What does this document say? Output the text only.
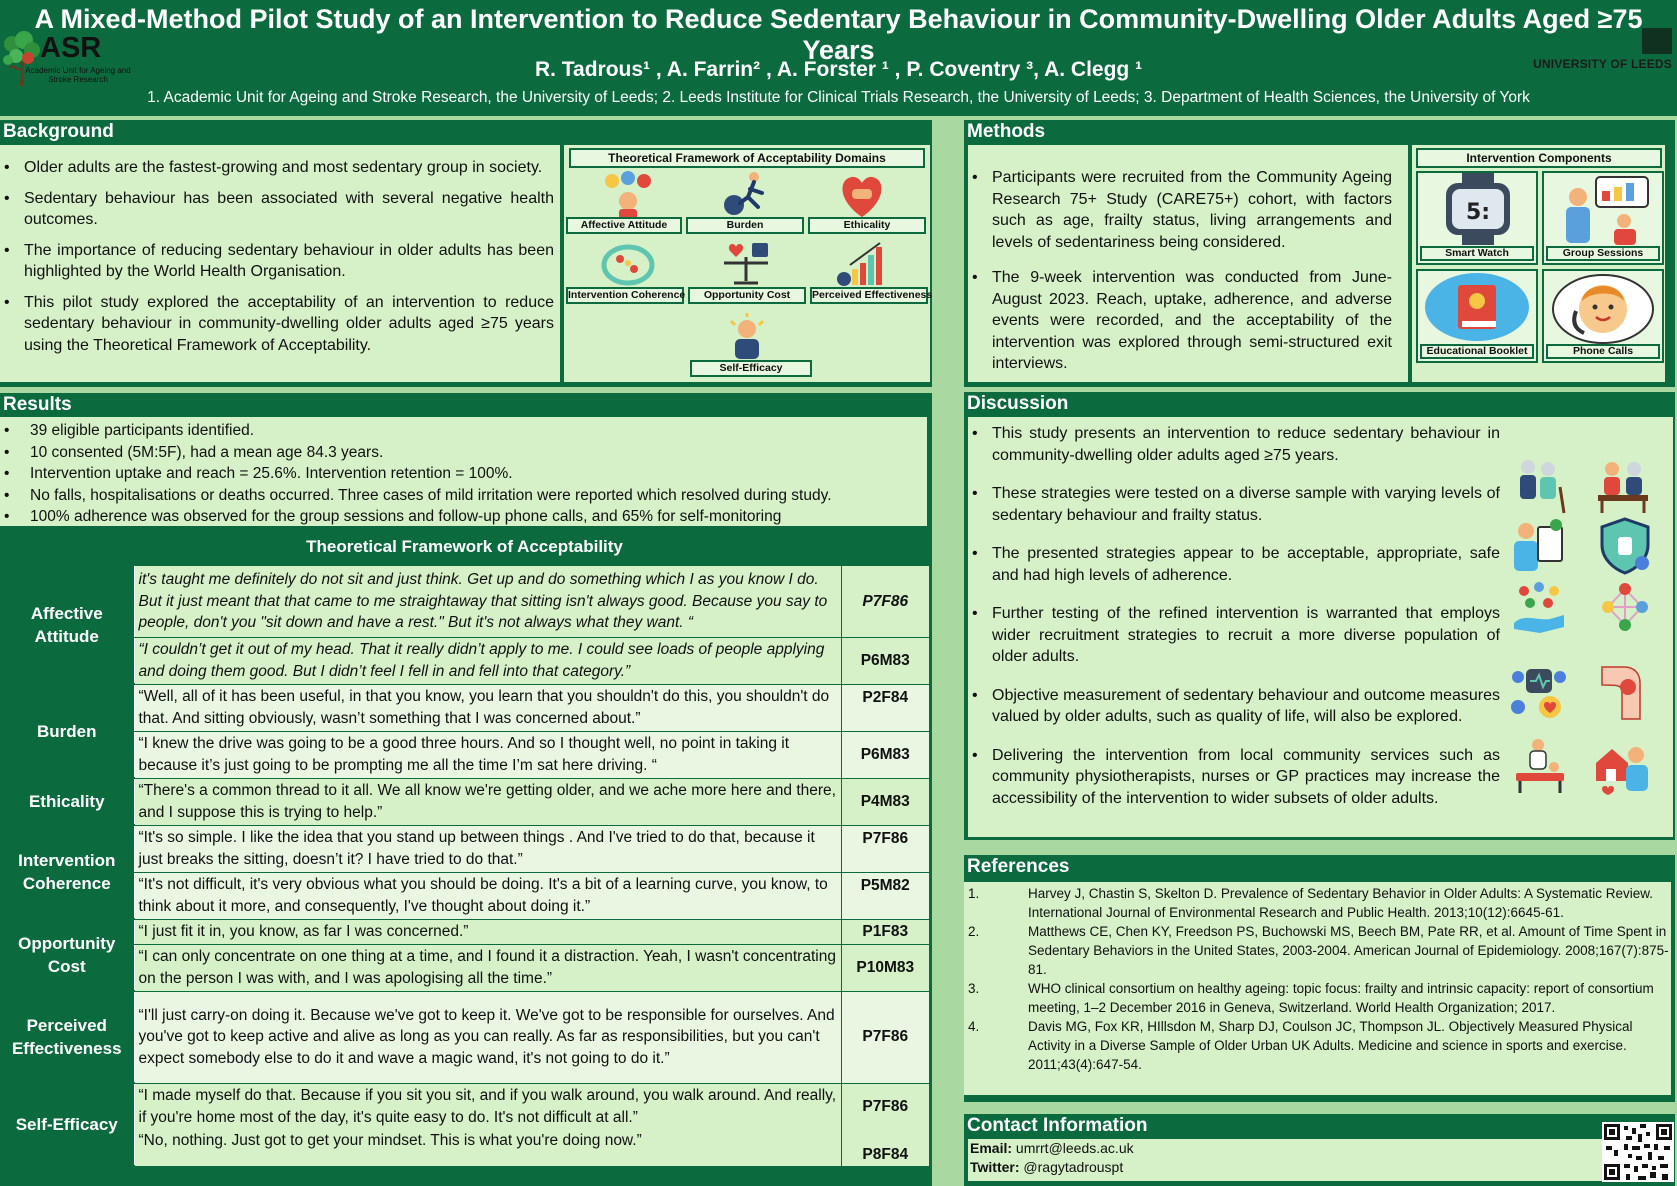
A Mixed-Method Pilot Study of an Intervention to Reduce Sedentary Behaviour in Community-Dwelling Older Adults Aged ≥75 Years
R. Tadrous¹ , A. Farrin² , A. Forster ¹ , P. Coventry ³, A. Clegg ¹
1. Academic Unit for Ageing and Stroke Research, the University of Leeds; 2. Leeds Institute for Clinical Trials Research, the University of Leeds; 3. Department of Health Sciences, the University of York
ASR
Academic Unit for Ageing and Stroke Research
UNIVERSITY OF LEEDS
Background
• Older adults are the fastest-growing and most sedentary group in society.
• Sedentary behaviour has been associated with several negative health outcomes.
• The importance of reducing sedentary behaviour in older adults has been highlighted by the World Health Organisation.
• This pilot study explored the acceptability of an intervention to reduce sedentary behaviour in community-dwelling older adults aged ≥75 years using the Theoretical Framework of Acceptability.
Theoretical Framework of Acceptability Domains
Affective Attitude	Burden	Ethicality
Intervention Coherence	Opportunity Cost	Perceived Effectiveness
Self-Efficacy
Methods
• Participants were recruited from the Community Ageing Research 75+ Study (CARE75+) cohort, with factors such as age, frailty status, living arrangements and levels of sedentariness being considered.
• The 9-week intervention was conducted from June-August 2023. Reach, uptake, adherence, and adverse events were recorded, and the acceptability of the intervention was explored through semi-structured exit interviews.
Intervention Components
5:
Smart Watch	Group Sessions
Educational Booklet	Phone Calls
Results
• 39 eligible participants identified.
• 10 consented (5M:5F), had a mean age 84.3 years.
• Intervention uptake and reach = 25.6%. Intervention retention = 100%.
• No falls, hospitalisations or deaths occurred. Three cases of mild irritation were reported which resolved during study.
• 100% adherence was observed for the group sessions and follow-up phone calls, and 65% for self-monitoring
Theoretical Framework of Acceptability		
Affective Attitude	it's taught me definitely do not sit and just think. Get up and do something which I as you know I do. But it just meant that that came to me straightaway that sitting isn't always good. Because you say to people, don't you "sit down and have a rest." But it's not always what they want. “	P7F86
	“I couldn’t get it out of my head. That it really didn’t apply to me. I could see loads of people applying and doing them good. But I didn’t feel I fell in and fell into that category.”	P6M83
Burden	“Well, all of it has been useful, in that you know, you learn that you shouldn't do this, you shouldn't do that. And sitting obviously, wasn’t something that I was concerned about.”	P2F84
	“I knew the drive was going to be a good three hours. And so I thought well, no point in taking it because it’s just going to be prompting me all the time I’m sat here driving. “	P6M83
Ethicality	“There's a common thread to it all. We all know we're getting older, and we ache more here and there, and I suppose this is trying to help.”	P4M83
Intervention Coherence	“It's so simple. I like the idea that you stand up between things . And I've tried to do that, because it just breaks the sitting, doesn’t it? I have tried to do that.”	P7F86
	“It's not difficult, it's very obvious what you should be doing. It's a bit of a learning curve, you know, to think about it more, and consequently, I've thought about doing it.”	P5M82
Opportunity Cost	“I just fit it in, you know, as far I was concerned.”	P1F83
	“I can only concentrate on one thing at a time, and I found it a distraction. Yeah, I wasn't concentrating on the person I was with, and I was apologising all the time.”	P10M83
Perceived Effectiveness	“I'll just carry-on doing it. Because we've got to keep it. We've got to be responsible for ourselves. And you've got to keep active and alive as long as you can really. As far as responsibilities, but you can't expect somebody else to do it and wave a magic wand, it's not going to do it.”	P7F86
Self-Efficacy	“I made myself do that. Because if you sit you sit, and if you walk around, you walk around. And really, if you're home most of the day, it's quite easy to do. It's not difficult at all.”	P7F86
	“No, nothing. Just got to get your mindset. This is what you're doing now.”	P8F84
Discussion
• This study presents an intervention to reduce sedentary behaviour in community-dwelling older adults aged ≥75 years.
• These strategies were tested on a diverse sample with varying levels of sedentary behaviour and frailty status.
• The presented strategies appear to be acceptable, appropriate, safe and had high levels of adherence.
• Further testing of the refined intervention is warranted that employs wider recruitment strategies to recruit a more diverse population of older adults.
• Objective measurement of sedentary behaviour and outcome measures valued by older adults, such as quality of life, will also be explored.
• Delivering the intervention from local community services such as community physiotherapists, nurses or GP practices may increase the accessibility of the intervention to wider subsets of older adults.
References
1.	Harvey J, Chastin S, Skelton D. Prevalence of Sedentary Behavior in Older Adults: A Systematic Review. International Journal of Environmental Research and Public Health. 2013;10(12):6645-61.
2.	Matthews CE, Chen KY, Freedson PS, Buchowski MS, Beech BM, Pate RR, et al. Amount of Time Spent in Sedentary Behaviors in the United States, 2003-2004. American Journal of Epidemiology. 2008;167(7):875-81.
3.	WHO clinical consortium on healthy ageing: topic focus: frailty and intrinsic capacity: report of consortium meeting, 1–2 December 2016 in Geneva, Switzerland. World Health Organization; 2017.
4.	Davis MG, Fox KR, HIllsdon M, Sharp DJ, Coulson JC, Thompson JL. Objectively Measured Physical Activity in a Diverse Sample of Older Urban UK Adults. Medicine and science in sports and exercise. 2011;43(4):647-54.
Contact Information
Email: umrrt@leeds.ac.uk
Twitter: @ragytadrouspt
